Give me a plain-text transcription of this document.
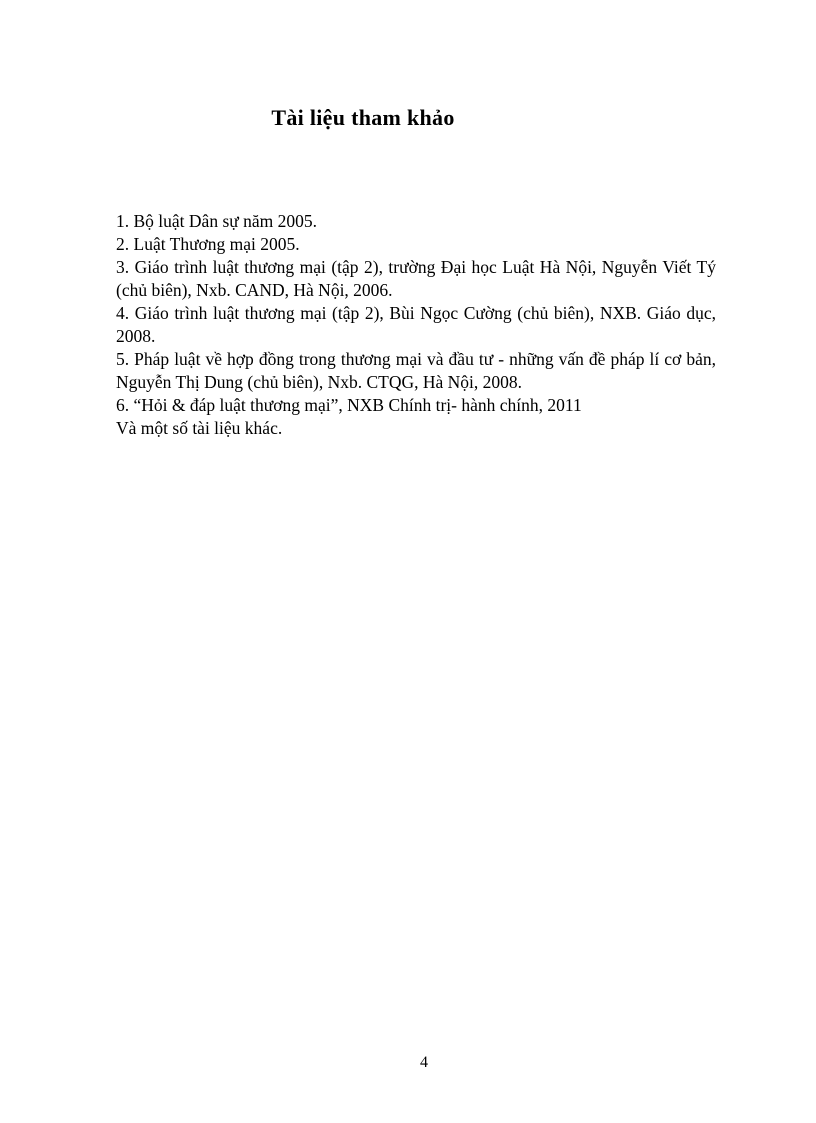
Tài liệu tham khảo
1. Bộ luật Dân sự năm 2005.
2. Luật Thương mại 2005.
3. Giáo trình luật thương mại (tập 2), trường Đại học Luật Hà Nội, Nguyễn Viết Tý (chủ biên), Nxb. CAND, Hà Nội, 2006.
4. Giáo trình luật thương mại (tập 2), Bùi Ngọc Cường (chủ biên), NXB. Giáo dục, 2008.
5. Pháp luật về hợp đồng trong thương mại và đầu tư - những vấn đề pháp lí cơ bản, Nguyễn Thị Dung (chủ biên), Nxb. CTQG, Hà Nội, 2008.
6. “Hỏi & đáp luật thương mại”, NXB Chính trị- hành chính, 2011
Và một số tài liệu khác.
4
